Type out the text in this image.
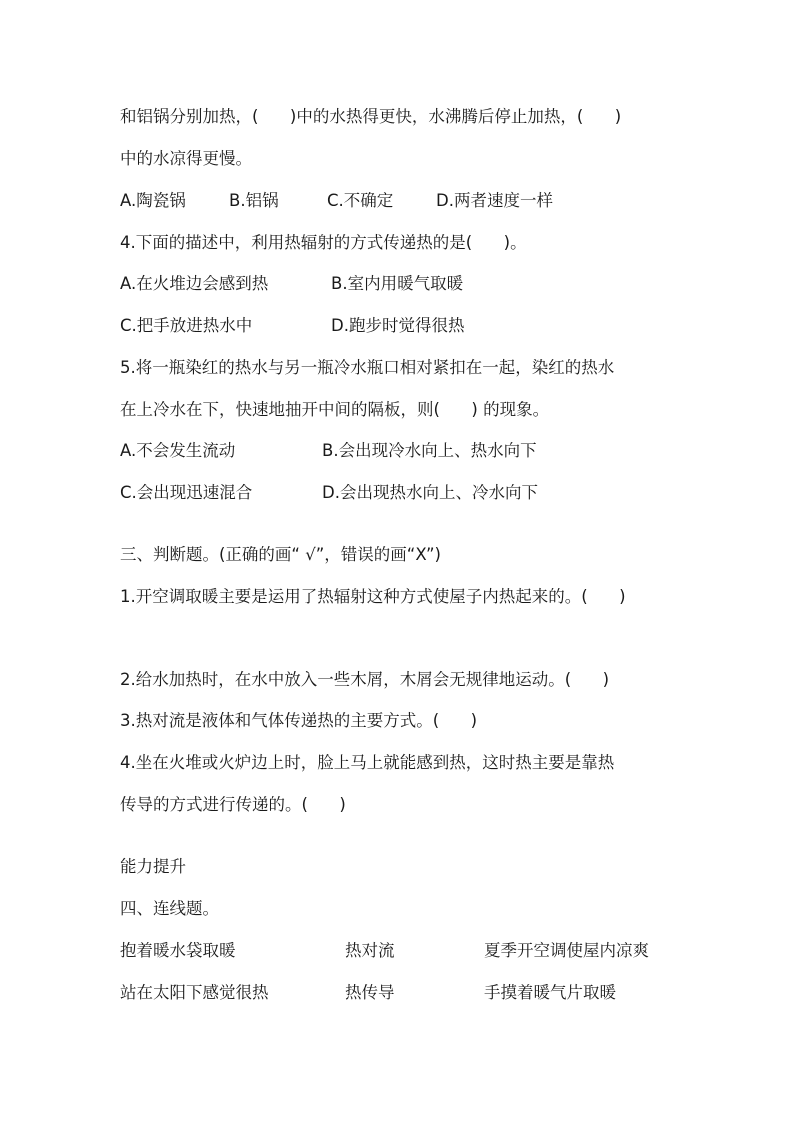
和铝锅分别加热，(      )中的水热得更快，水沸腾后停止加热，(      )
中的水凉得更慢。
A.陶瓷锅	B.铝锅	C.不确定	D.两者速度一样
4.下面的描述中，利用热辐射的方式传递热的是(      )。
A.在火堆边会感到热	B.室内用暖气取暖
C.把手放进热水中	D.跑步时觉得很热
5.将一瓶染红的热水与另一瓶冷水瓶口相对紧扣在一起，染红的热水
在上冷水在下，快速地抽开中间的隔板，则(      ) 的现象。
A.不会发生流动	B.会出现冷水向上、热水向下
C.会出现迅速混合	D.会出现热水向上、冷水向下
三、判断题。(正确的画“ √”，错误的画“X”)
1.开空调取暖主要是运用了热辐射这种方式使屋子内热起来的。(      )
2.给水加热时，在水中放入一些木屑，木屑会无规律地运动。(      )
3.热对流是液体和气体传递热的主要方式。(      )
4.坐在火堆或火炉边上时，脸上马上就能感到热，这时热主要是靠热
传导的方式进行传递的。(      )
能力提升
四、连线题。
抱着暖水袋取暖	热对流	夏季开空调使屋内凉爽
站在太阳下感觉很热	热传导	手摸着暖气片取暖
